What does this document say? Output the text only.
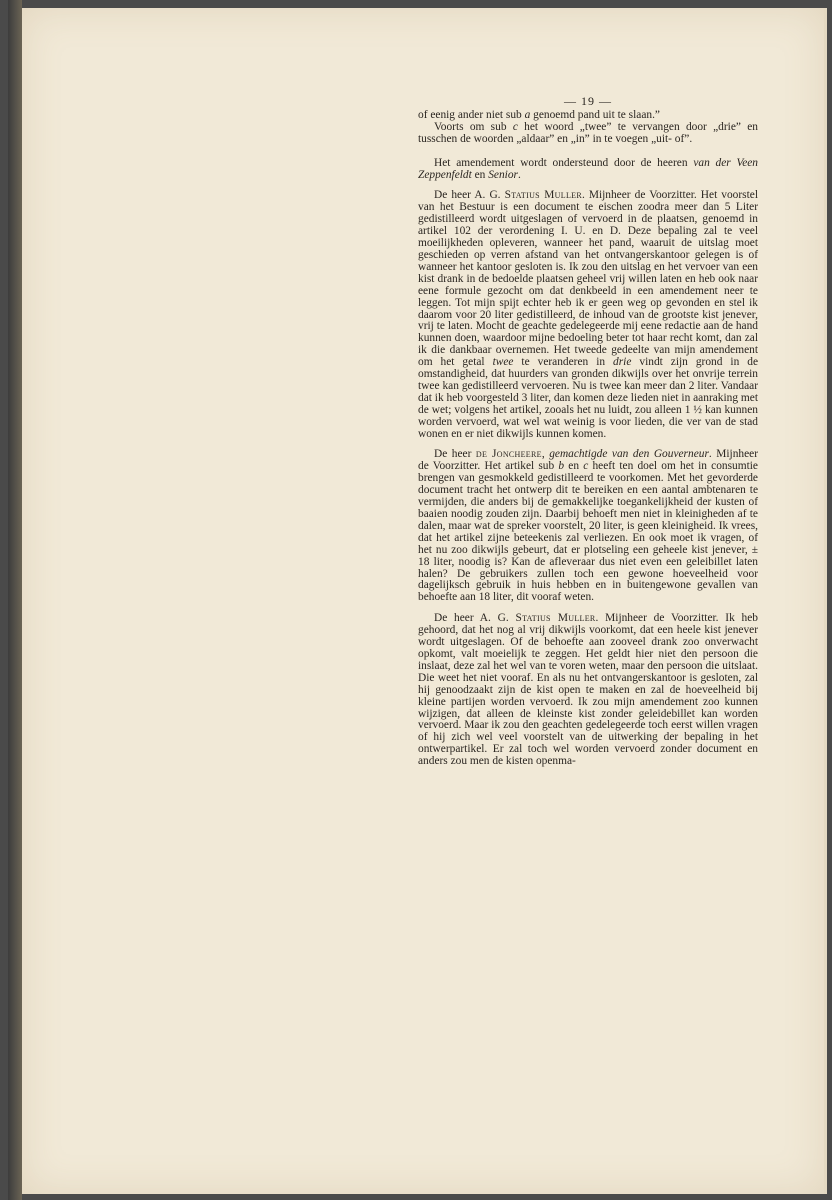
— 19 —

of eenig ander niet sub a genoemd pand uit te slaan.”

Voorts om sub c het woord „twee” te vervangen door „drie” en tusschen de woorden „aldaar” en „in” in te voegen „uit- of”.

Het amendement wordt ondersteund door de heeren van der Veen Zeppenfeldt en Senior.

De heer A. G. Statius Muller. Mijnheer de Voorzitter. Het voorstel van het Bestuur is een document te eischen zoodra meer dan 5 Liter gedistilleerd wordt uitgeslagen of vervoerd in de plaatsen, genoemd in artikel 102 der verordening I. U. en D. Deze bepaling zal te veel moeilijkheden opleveren, wanneer het pand, waaruit de uitslag moet geschieden op verren afstand van het ontvangerskantoor gelegen is of wanneer het kantoor gesloten is. Ik zou den uitslag en het vervoer van een kist drank in de bedoelde plaatsen geheel vrij willen laten en heb ook naar eene formule gezocht om dat denkbeeld in een amendement neer te leggen. Tot mijn spijt echter heb ik er geen weg op gevonden en stel ik daarom voor 20 liter gedistilleerd, de inhoud van de grootste kist jenever, vrij te laten. Mocht de geachte gedelegeerde mij eene redactie aan de hand kunnen doen, waardoor mijne bedoeling beter tot haar recht komt, dan zal ik die dankbaar overnemen. Het tweede gedeelte van mijn amendement om het getal twee te veranderen in drie vindt zijn grond in de omstandigheid, dat huurders van gronden dikwijls over het onvrije terrein twee kan gedistilleerd vervoeren. Nu is twee kan meer dan 2 liter. Vandaar dat ik heb voorgesteld 3 liter, dan komen deze lieden niet in aanraking met de wet; volgens het artikel, zooals het nu luidt, zou alleen 1 ½ kan kunnen worden vervoerd, wat wel wat weinig is voor lieden, die ver van de stad wonen en er niet dikwijls kunnen komen.

De heer de Joncheere, gemachtigde van den Gouverneur. Mijnheer de Voorzitter. Het artikel sub b en c heeft ten doel om het in consumtie brengen van gesmokkeld gedistilleerd te voorkomen. Met het gevorderde document tracht het ontwerp dit te bereiken en een aantal ambtenaren te vermijden, die anders bij de gemakkelijke toegankelijkheid der kusten of baaien noodig zouden zijn. Daarbij behoeft men niet in kleinigheden af te dalen, maar wat de spreker voorstelt, 20 liter, is geen kleinigheid. Ik vrees, dat het artikel zijne beteekenis zal verliezen. En ook moet ik vragen, of het nu zoo dikwijls gebeurt, dat er plotseling een geheele kist jenever, ± 18 liter, noodig is? Kan de afleveraar dus niet even een geleibillet laten halen? De gebruikers zullen toch een gewone hoeveelheid voor dagelijksch gebruik in huis hebben en in buitengewone gevallen van behoefte aan 18 liter, dit vooraf weten.

De heer A. G. Statius Muller. Mijnheer de Voorzitter. Ik heb gehoord, dat het nog al vrij dikwijls voorkomt, dat een heele kist jenever wordt uitgeslagen. Of de behoefte aan zooveel drank zoo onverwacht opkomt, valt moeielijk te zeggen. Het geldt hier niet den persoon die inslaat, deze zal het wel van te voren weten, maar den persoon die uitslaat. Die weet het niet vooraf. En als nu het ontvangerskantoor is gesloten, zal hij genoodzaakt zijn de kist open te maken en zal de hoeveelheid bij kleine partijen worden vervoerd. Ik zou mijn amendement zoo kunnen wijzigen, dat alleen de kleinste kist zonder geleidebillet kan worden vervoerd. Maar ik zou den geachten gedelegeerde toch eerst willen vragen of hij zich wel veel voorstelt van de uitwerking der bepaling in het ontwerpartikel. Er zal toch wel worden vervoerd zonder document en anders zou men de kisten openma-
